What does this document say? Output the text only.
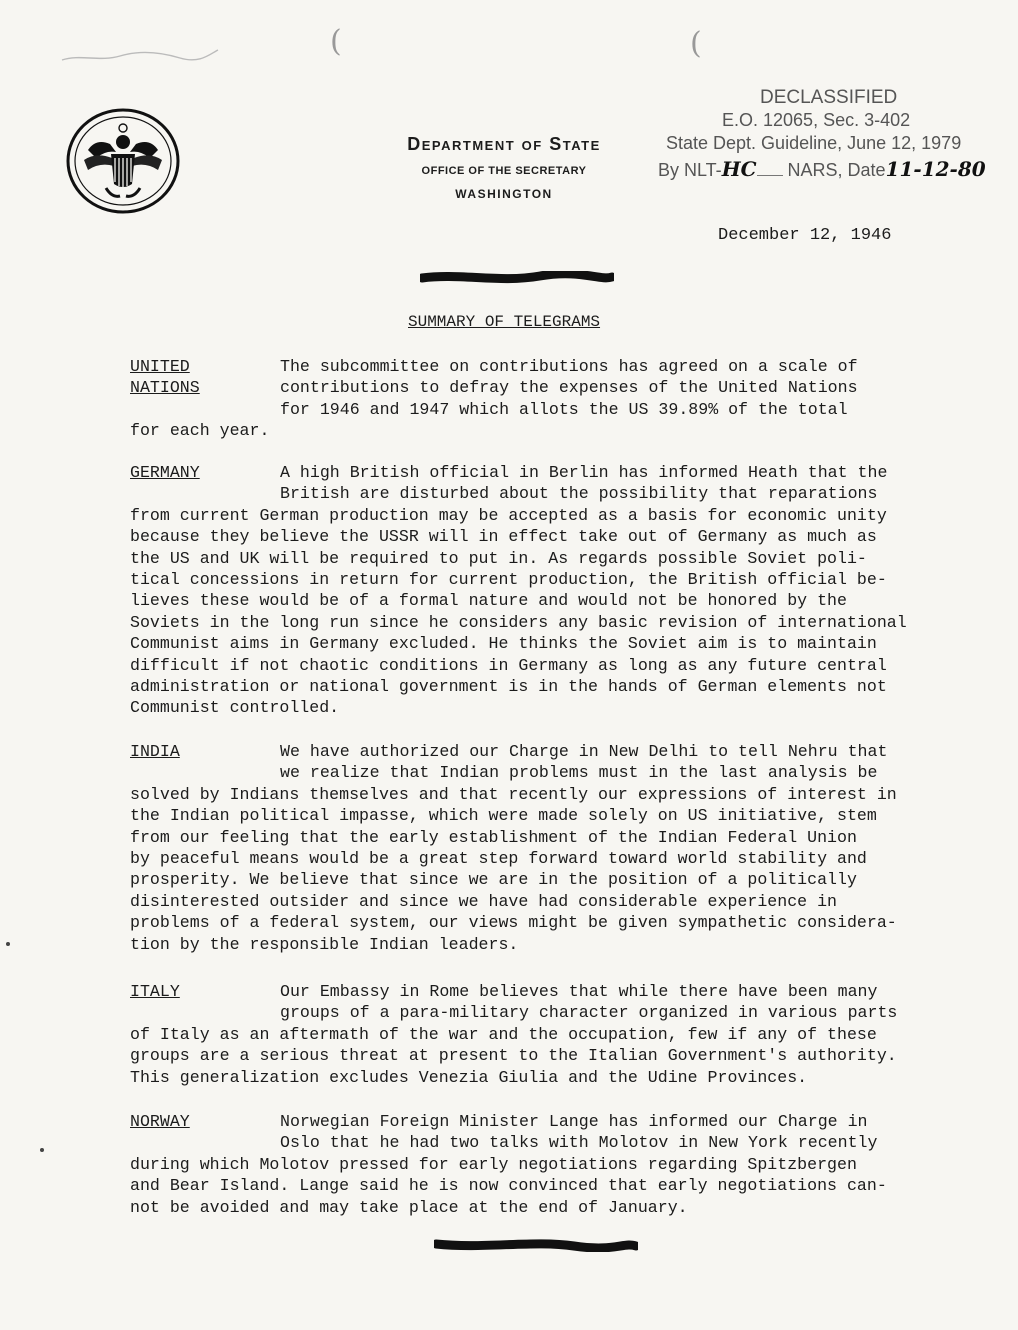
(	(
Department of State
OFFICE OF THE SECRETARY
WASHINGTON
DECLASSIFIED
E.O. 12065, Sec. 3-402
State Dept. Guideline, June 12, 1979
By NLT-HC NARS, Date11-12-80
December 12, 1946
SUMMARY OF TELEGRAMS
UNITED
NATIONS
The subcommittee on contributions has agreed on a scale of
contributions to defray the expenses of the United Nations
for 1946 and 1947 which allots the US 39.89% of the total
for each year.
GERMANY	A high British official in Berlin has informed Heath that the
British are disturbed about the possibility that reparations
from current German production may be accepted as a basis for economic unity
because they believe the USSR will in effect take out of Germany as much as
the US and UK will be required to put in. As regards possible Soviet poli-
tical concessions in return for current production, the British official be-
lieves these would be of a formal nature and would not be honored by the
Soviets in the long run since he considers any basic revision of international
Communist aims in Germany excluded. He thinks the Soviet aim is to maintain
difficult if not chaotic conditions in Germany as long as any future central
administration or national government is in the hands of German elements not
Communist controlled.
INDIA	We have authorized our Charge in New Delhi to tell Nehru that
we realize that Indian problems must in the last analysis be
solved by Indians themselves and that recently our expressions of interest in
the Indian political impasse, which were made solely on US initiative, stem
from our feeling that the early establishment of the Indian Federal Union
by peaceful means would be a great step forward toward world stability and
prosperity. We believe that since we are in the position of a politically
disinterested outsider and since we have had considerable experience in
problems of a federal system, our views might be given sympathetic considera-
tion by the responsible Indian leaders.
ITALY	Our Embassy in Rome believes that while there have been many
groups of a para-military character organized in various parts
of Italy as an aftermath of the war and the occupation, few if any of these
groups are a serious threat at present to the Italian Government's authority.
This generalization excludes Venezia Giulia and the Udine Provinces.
NORWAY	Norwegian Foreign Minister Lange has informed our Charge in
Oslo that he had two talks with Molotov in New York recently
during which Molotov pressed for early negotiations regarding Spitzbergen
and Bear Island. Lange said he is now convinced that early negotiations can-
not be avoided and may take place at the end of January.
